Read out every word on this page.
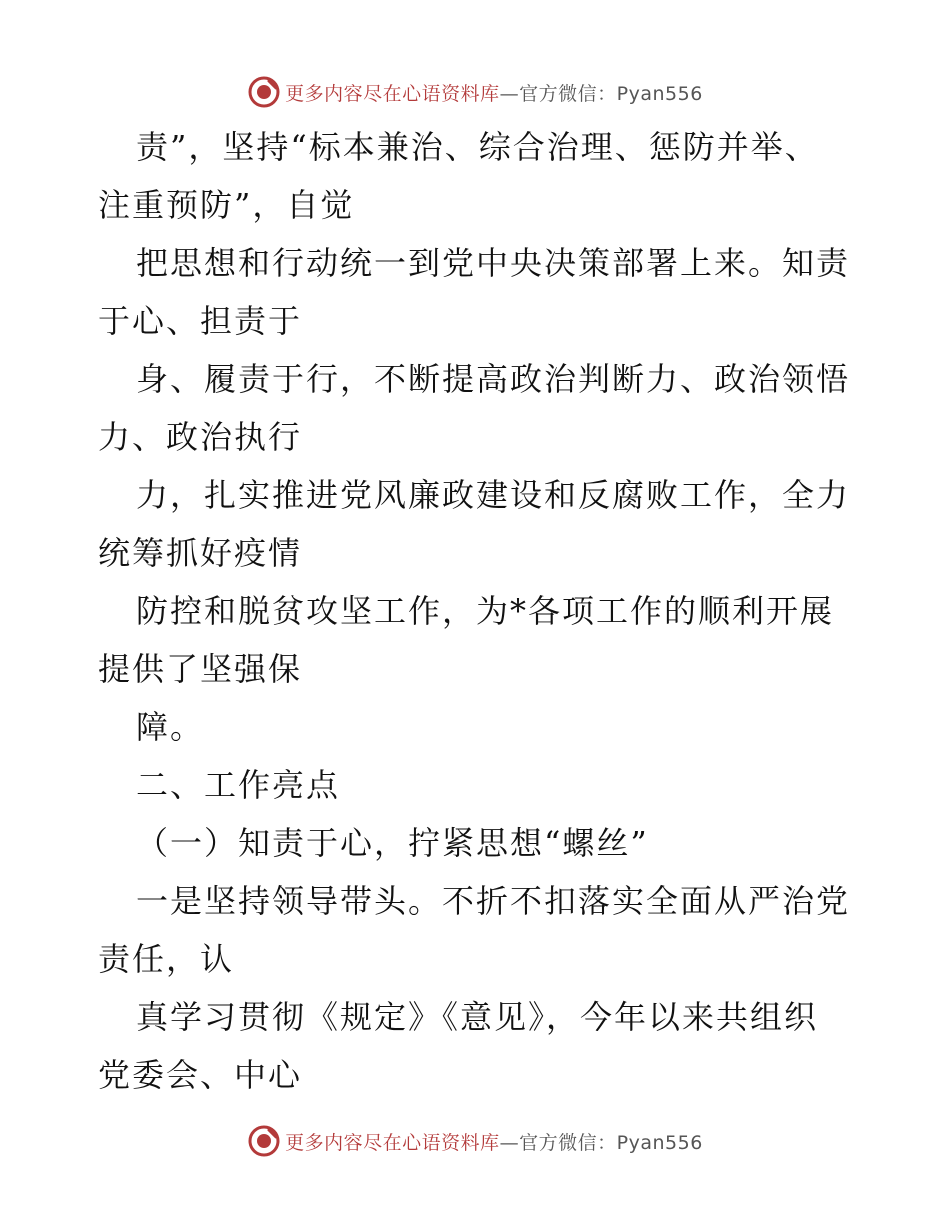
更多内容尽在心语资料库—官方微信：Pyan556
责”，坚持“标本兼治、综合治理、惩防并举、
注重预防”，自觉
把思想和行动统一到党中央决策部署上来。知责
于心、担责于
身、履责于行，不断提高政治判断力、政治领悟
力、政治执行
力，扎实推进党风廉政建设和反腐败工作，全力
统筹抓好疫情
防控和脱贫攻坚工作，为*各项工作的顺利开展
提供了坚强保
障。
二、工作亮点
（一）知责于心，拧紧思想“螺丝”
一是坚持领导带头。不折不扣落实全面从严治党
责任，认
真学习贯彻《规定》《意见》，今年以来共组织
党委会、中心
更多内容尽在心语资料库—官方微信：Pyan556
